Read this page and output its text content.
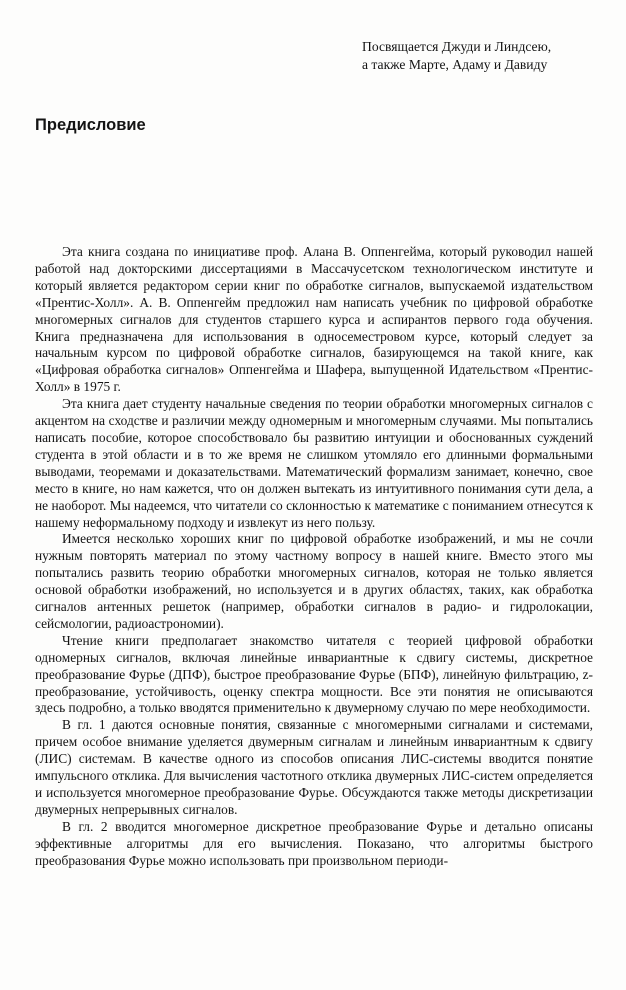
Посвящается Джуди и Линдсею,
а также Марте, Адаму и Давиду
Предисловие

Эта книга создана по инициативе проф. Алана В. Оппенгейма, который руководил нашей работой над докторскими диссертациями в Массачусетском технологическом институте и который является редактором серии книг по обработке сигналов, выпускаемой издательством «Прентис-Холл». А. В. Оппенгейм предложил нам написать учебник по цифровой обработке многомерных сигналов для студентов старшего курса и аспирантов первого года обучения. Книга предназначена для использования в односеместровом курсе, который следует за начальным курсом по цифровой обработке сигналов, базирующемся на такой книге, как «Цифровая обработка сигналов» Оппенгейма и Шафера, выпущенной Идательством «Прентис-Холл» в 1975 г.

Эта книга дает студенту начальные сведения по теории обработки многомерных сигналов с акцентом на сходстве и различии между одномерным и многомерным случаями. Мы попытались написать пособие, которое способствовало бы развитию интуиции и обоснованных суждений студента в этой области и в то же время не слишком утомляло его длинными формальными выводами, теоремами и доказательствами. Математический формализм занимает, конечно, свое место в книге, но нам кажется, что он должен вытекать из интуитивного понимания сути дела, а не наоборот. Мы надеемся, что читатели со склонностью к математике с пониманием отнесутся к нашему неформальному подходу и извлекут из него пользу.

Имеется несколько хороших книг по цифровой обработке изображений, и мы не сочли нужным повторять материал по этому частному вопросу в нашей книге. Вместо этого мы попытались развить теорию обработки многомерных сигналов, которая не только является основой обработки изображений, но используется и в других областях, таких, как обработка сигналов антенных решеток (например, обработки сигналов в радио- и гидролокации, сейсмологии, радиоастрономии).

Чтение книги предполагает знакомство читателя с теорией цифровой обработки одномерных сигналов, включая линейные инвариантные к сдвигу системы, дискретное преобразование Фурье (ДПФ), быстрое преобразование Фурье (БПФ), линейную фильтрацию, z-преобразование, устойчивость, оценку спектра мощности. Все эти понятия не описываются здесь подробно, а только вводятся применительно к двумерному случаю по мере необходимости.

В гл. 1 даются основные понятия, связанные с многомерными сигналами и системами, причем особое внимание уделяется двумерным сигналам и линейным инвариантным к сдвигу (ЛИС) системам. В качестве одного из способов описания ЛИС-системы вводится понятие импульсного отклика. Для вычисления частотного отклика двумерных ЛИС-систем определяется и используется многомерное преобразование Фурье. Обсуждаются также методы дискретизации двумерных непрерывных сигналов.

В гл. 2 вводится многомерное дискретное преобразование Фурье и детально описаны эффективные алгоритмы для его вычисления. Показано, что алгоритмы быстрого преобразования Фурье можно использовать при произвольном периоди-
